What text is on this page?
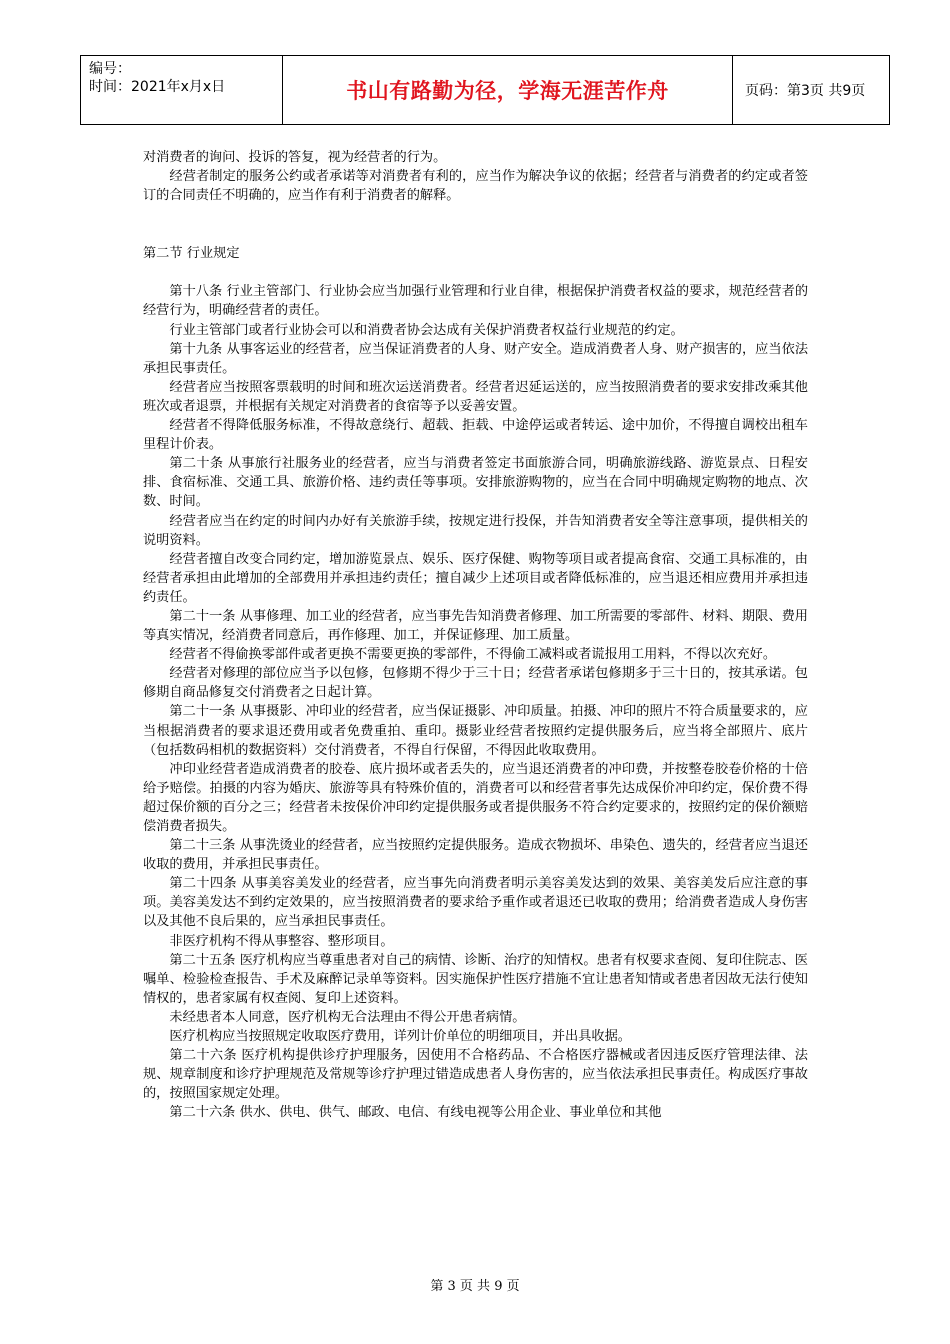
编号：
时间：2021年x月x日	书山有路勤为径，学海无涯苦作舟	页码：第3页 共9页

对消费者的询问、投诉的答复，视为经营者的行为。

经营者制定的服务公约或者承诺等对消费者有利的，应当作为解决争议的依据；经营者与消费者的约定或者签订的合同责任不明确的，应当作有利于消费者的解释。

第二节 行业规定

第十八条 行业主管部门、行业协会应当加强行业管理和行业自律，根据保护消费者权益的要求，规范经营者的经营行为，明确经营者的责任。

行业主管部门或者行业协会可以和消费者协会达成有关保护消费者权益行业规范的约定。

第十九条 从事客运业的经营者，应当保证消费者的人身、财产安全。造成消费者人身、财产损害的，应当依法承担民事责任。

经营者应当按照客票载明的时间和班次运送消费者。经营者迟延运送的，应当按照消费者的要求安排改乘其他班次或者退票，并根据有关规定对消费者的食宿等予以妥善安置。

经营者不得降低服务标准，不得故意绕行、超载、拒载、中途停运或者转运、途中加价，不得擅自调校出租车里程计价表。

第二十条 从事旅行社服务业的经营者，应当与消费者签定书面旅游合同，明确旅游线路、游览景点、日程安排、食宿标准、交通工具、旅游价格、违约责任等事项。安排旅游购物的，应当在合同中明确规定购物的地点、次数、时间。

经营者应当在约定的时间内办好有关旅游手续，按规定进行投保，并告知消费者安全等注意事项，提供相关的说明资料。

经营者擅自改变合同约定，增加游览景点、娱乐、医疗保健、购物等项目或者提高食宿、交通工具标准的，由经营者承担由此增加的全部费用并承担违约责任；擅自减少上述项目或者降低标准的，应当退还相应费用并承担违约责任。

第二十一条 从事修理、加工业的经营者，应当事先告知消费者修理、加工所需要的零部件、材料、期限、费用等真实情况，经消费者同意后，再作修理、加工，并保证修理、加工质量。

经营者不得偷换零部件或者更换不需要更换的零部件，不得偷工减料或者谎报用工用料，不得以次充好。

经营者对修理的部位应当予以包修，包修期不得少于三十日；经营者承诺包修期多于三十日的，按其承诺。包修期自商品修复交付消费者之日起计算。

第二十一条 从事摄影、冲印业的经营者，应当保证摄影、冲印质量。拍摄、冲印的照片不符合质量要求的，应当根据消费者的要求退还费用或者免费重拍、重印。摄影业经营者按照约定提供服务后，应当将全部照片、底片（包括数码相机的数据资料）交付消费者，不得自行保留，不得因此收取费用。

冲印业经营者造成消费者的胶卷、底片损坏或者丢失的，应当退还消费者的冲印费，并按整卷胶卷价格的十倍给予赔偿。拍摄的内容为婚庆、旅游等具有特殊价值的，消费者可以和经营者事先达成保价冲印约定，保价费不得超过保价额的百分之三；经营者未按保价冲印约定提供服务或者提供服务不符合约定要求的，按照约定的保价额赔偿消费者损失。

第二十三条 从事洗烫业的经营者，应当按照约定提供服务。造成衣物损坏、串染色、遗失的，经营者应当退还收取的费用，并承担民事责任。

第二十四条 从事美容美发业的经营者，应当事先向消费者明示美容美发达到的效果、美容美发后应注意的事项。美容美发达不到约定效果的，应当按照消费者的要求给予重作或者退还已收取的费用；给消费者造成人身伤害以及其他不良后果的，应当承担民事责任。

非医疗机构不得从事整容、整形项目。

第二十五条 医疗机构应当尊重患者对自己的病情、诊断、治疗的知情权。患者有权要求查阅、复印住院志、医嘱单、检验检查报告、手术及麻醉记录单等资料。因实施保护性医疗措施不宜让患者知情或者患者因故无法行使知情权的，患者家属有权查阅、复印上述资料。

未经患者本人同意，医疗机构无合法理由不得公开患者病情。

医疗机构应当按照规定收取医疗费用，详列计价单位的明细项目，并出具收据。

第二十六条 医疗机构提供诊疗护理服务，因使用不合格药品、不合格医疗器械或者因违反医疗管理法律、法规、规章制度和诊疗护理规范及常规等诊疗护理过错造成患者人身伤害的，应当依法承担民事责任。构成医疗事故的，按照国家规定处理。

第二十六条 供水、供电、供气、邮政、电信、有线电视等公用企业、事业单位和其他

第 3 页 共 9 页
